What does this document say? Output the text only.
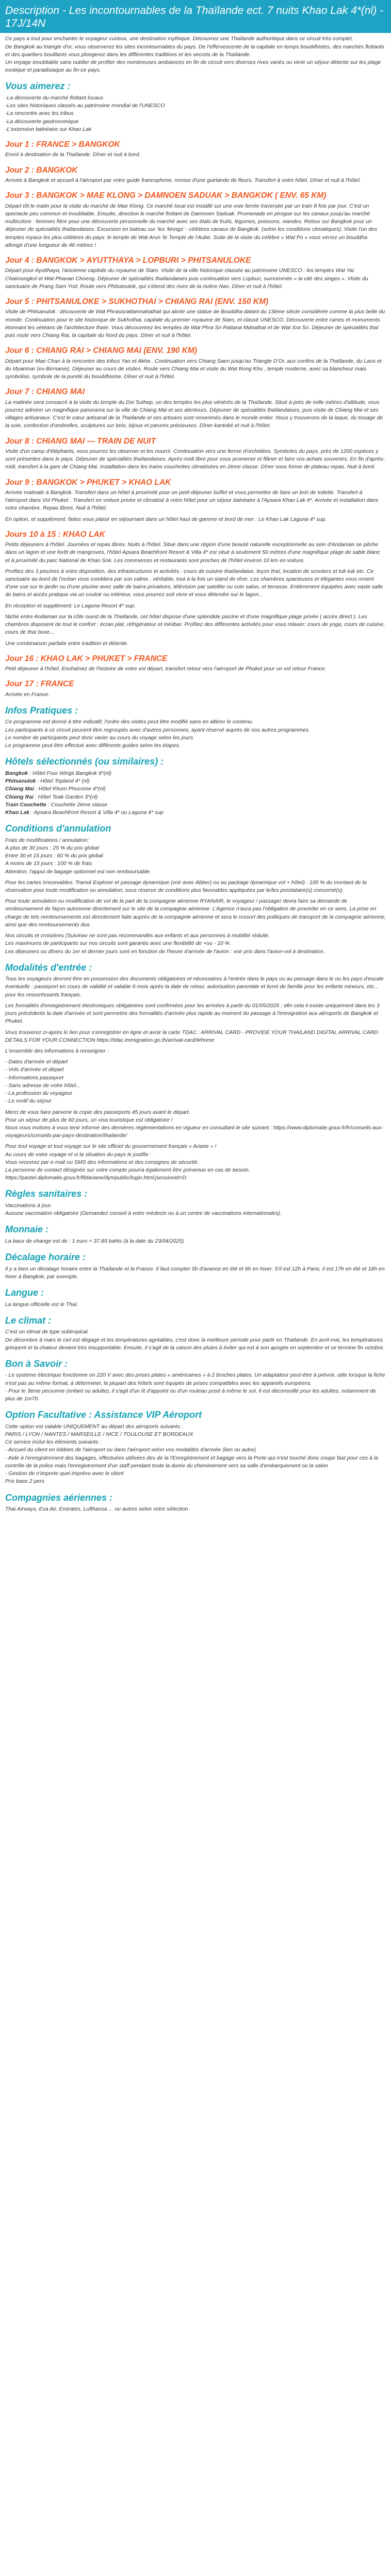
Description - Les incontournables de la Thaïlande ect. 7 nuits Khao Lak 4*(nl) - 17J/14N

Ce pays a tout pour enchanter le voyageur curieux, une destination mythique. Découvrez une Thaïlande authentique dans ce circuit très complet.

De Bangkok au triangle d'or, vous observerez les sites incontournables du pays. De l'effervescente de la capitale en temps bouddhistes, des marchés flottants et des quartiers bouillants vous plongerez dans les différentes traditions et les secrets de la Thaïlande.

Un voyage inoubliable sans oublier de profiter des nombreuses ambiances en fin de circuit vers diverses rives variés ou venir un séjour détente sur les plage exotique et paradisiaque au fin-ce pays.

Vous aimerez :

-La découverte du marché flottant locaux

-Les sites historiques classés au patrimoine mondial de l'UNESCO

-La rencontre avec les tribus

-La découverte gastronomique

-L'extension balnéaire sur Khao Lak

Jour 1 : FRANCE > BANGKOK

Envol à destination de la Thaïlande. Dîner et nuit à bord.

Jour 2 : BANGKOK

Arrivée à Bangkok et accueil à l'aéroport par votre guide francophone, remise d'une guirlande de fleurs. Transfert à votre hôtel. Dîner et nuit à l'hôtel.

Jour 3 : BANGKOK > MAE KLONG > DAMNOEN SADUAK > BANGKOK ( ENV. 65 KM)

Départ tôt le matin pour la visite du marché de Mae Klong. Ce marché local est installé sur une voie ferrée traversée par un train 8 fois par jour. C'est un spectacle peu commun et inoubliable. Ensuite, direction le marché flottant de Damnoen Saduak. Promenade en pirogue sur les canaux jusqu'au marché multicolore : femmes fière pour une découverte personnelle du marché avec ses étals de fruits, légumes, poissons, viandes. Retour sur Bangkok pour un déjeuner de spécialités thaïlandaises. Excursion en bateau sur 'les 'klongs' - célèbres canaux de Bangkok. (selon les conditions climatiques). Visite l'un des temples royaux les plus célèbres du pays: le temple de Wat Arun 'le Temple de l'Aube. Suite de la visite du célèbre « Wat Po » vous verrez un bouddha allongé d'une longueur de 46 mètres !

Jour 4 : BANGKOK > AYUTTHAYA > LOPBURI > PHITSANULOKE

Départ pour Ayutthaya, l'ancienne capitale du royaume de Siam. Visite de la ville historique classée au patrimoine UNESCO : les temples Wat Yai Chaimongkol et Wat Phanan Choeng. Déjeuner de spécialités thaïlandaises puis continuation vers Lopburi, surnommée « la cité des singes ». Visite du sanctuaire de Prang Sam Yod. Route vers Phitsanulok, qui s'étend des rives de la rivière Nan. Dîner et nuit à l'hôtel.

Jour 5 : PHITSANULOKE > SUKHOTHAI > CHIANG RAI (ENV. 150 KM)

Visite de Phitsanulok : découverte de Wat Phrasisrattanmahathat qui abrite une statue de Bouddha datant du 13ème siècle considérée comme la plus belle du monde. Continuation pour le site historique de Sukhothai, capitale du premier royaume de Siam, et classé UNESCO. Découverte entre ruines et monuments étonnant les vétéans de l'architecture thaïe. Vous découvrirez les temples de Wat Phra Sri Rattana Mahathat et de Wat Sra Sri. Déjeuner de spécialités thaï puis route vers Chiang Rai, la capitale du Nord du pays. Dîner et nuit à l'hôtel.

Jour 6 : CHIANG RAI > CHIANG MAI (ENV. 190 KM)

Départ pour Mae Chan à la rencontre des tribus Yao et Akha . Continuation vers Chiang Saen jusqu'au Triangle D'Or, aux confins de la Thaïlande, du Laos et du Myanmar (ex-Birmanie). Déjeuner au cours de visites. Route vers Chiang Mai et visite du Wat Rong Khu , temple moderne, avec sa blancheur mais symbolise, symbole de la pureté du bouddhisme. Dîner et nuit à l'hôtel.

Jour 7 : CHIANG MAI

La matinée sera consacré à la visite du temple du Doi Suthep, un des temples les plus vénérés de la Thaïlande. Situé à près de mille mètres d'altitude, vous pourrez admirer un magnifique panorama sur la ville de Chiang Mai et ses alentours. Déjeuner de spécialités thaïlandaises, puis visite de Chiang Mai et ses villages artisanaux. C'est le cœur artisanal de la Thaïlande et ses artisans sont renommés dans le monde entier. Nous y trouverons de la laque, du tissage de la soie, confection d'ombrelles, sculptures sur bois, bijoux et parures précieuses. Dîner kantoké et nuit à l'hôtel.

Jour 8 : CHIANG MAI — TRAIN DE NUIT

Visite d'un camp d'éléphants, vous pourrez les observer et les nourrir. Continuation vers une ferme d'orchidées. Symboles du pays, près de 1200 espèces y sont présentes dans le pays. Déjeuner de spécialités thaïlandaises. Après-midi libre pour vous promener et flâner et faire vos achats souvenirs. En fin d'après-midi, transfert à la gare de Chiang Mai. Installation dans les trains couchettes climatisées en 2ème classe. Dîner sous forme de plateau repas. Nuit à bord.

Jour 9 : BANGKOK > PHUKET > KHAO LAK

Arrivée matinale à Bangkok. Transfert dans un hôtel à proximité pour un petit-déjeuner buffet et vous permettre de faire un brin de toilette. Transfert à l'aéroport dans Vol Phuket . Transfert en voiture privée et climatisé à votre hôtel pour un séjour balnéaire à l'Apsara Khao Lak 4*. Arrivée et installation dans votre chambre. Repas libres. Nuit à l'hôtel.

En option, et supplément: faites vous plaisir en séjournant dans un hôtel haut de gamme et bord de mer : Le Khao Lak Laguna 4* sup.

Jours 10 à 15 : KHAO LAK

Petits déjeuners à l'hôtel. Journées et repas libres. Nuits à l'hôtel. Situé dans une région d'une beauté naturelle exceptionnelle au sein d'Andaman se pêche dans un lagon et une forêt de mangroves, l'hôtel Apsara Beachfront Resort & Villa 4* est situé à seulement 50 mètres d'une magnifique plage de sable blanc et à proximité du parc National de Khao Sok. Les commerces et restaurants sont proches de l'hôtel environ 10 km en voiture.

Profitez des 3 piscines à votre disposition, des infrastructures et activités : cours de cuisine thaïlandaise, leçon thaï, location de scooters et tuk-tuk etc. Ce sanctuaire au bord de l'océan vous comblera par son calme , véritable, tout à la fois un stand de rêve. Les chambres spacieuses et élégantes vous ornent d'une vue sur le jardin ou d'une piscine avec salle de bains privatives, télévision par satellite ou coin salon, et terrasse. Entièrement équipées avec vaste salle de bains et accès pratique via un couloir ou intérieur, vous pourrez soit vivre et vous détendre sur le lagon...

En réception et supplément: Le Laguna Resort 4* sup.

Niché entre Andaman sur la côte ouest de la Thaïlande, cet hôtel dispose d'une splendide piscine et d'une magnifique plage privée ( accès direct ). Les chambres disposent de tout le confort : écran plat, réfrigérateur et minibar. Profitez des différentes activités pour vous relaxer: cours de yoga, cours de cuisine, cours de thaï boxe...

Une combinaison parfaite entre tradition et détente.

Jour 16 : KHAO LAK > PHUKET > FRANCE

Petit déjeuner à l'hôtel. Enchaînez de l'histoire de votre vol départ, transfert retour vers l'aéroport de Phuket pour un vol retour France.

Jour 17 : FRANCE

Arrivée en France.

Infos Pratiques :

Ce programme est donné à titre indicatif, l'ordre des visites peut être modifié sans en altérer le contenu.

Les participants à ce circuit peuvent être regroupés avec d'autres personnes, ayant réservé auprès de nos autres programmes.

Le nombre de participants peut donc varier au cours du voyage selon les jours.

Le programme peut être effectué avec différents guides selon les étapes.

Hôtels sélectionnés (ou similaires) :

Bangkok : Hôtel Four Wings Bangkok 4*(nl)

Phitsanulok : Hôtel Topland 4* (nl)

Chiang Mai : Hôtel Khum Phucome 4*(nl)

Chiang Rai : Hôtel Teak Garden 3*(nl)

Train Couchette : Couchette 2ème classe

Khao Lak : Apsara Beachfront Resort & Villa 4* ou Laguna 4* sup

Conditions d'annulation

Frais de modifications / annulation:

A plus de 30 jours : 25 % du prix global

Entre 30 et 15 jours : 60 % du prix global

A moins de 15 jours : 100 % de frais

Attention, l'appui de bagage optionnel est non remboursable.

Pour les cartes Irrecevables: Transit Explorer et passage dynamique (voir avec Abber) ou au package dynamique vol + hôtel) : 100 % du montant de la réservation pour toute modification ou annulation, sous réserve de conditions plus favorables appliquées par le/les prestataire(s) concerné(s).

Pour toute annulation ou modification de vol de la part de la compagnie aérienne RYANAIR, le voyageur / passager devra faire sa demande de remboursement de façon autonome directement sur le site de la compagnie aérienne. L'Agence n'aura pas l'obligation de procéder en ce sens. La prise en charge de tels remboursements est directement faite auprès de la compagnie aérienne et sera le ressort des politiques de transport de la compagnie aérienne, ainsi que des remboursements dus.

Nos circuits et croisières (Suivinav ne sont pas recommandés aux enfants et aux personnes à mobilité réduite.

Les maximums de participants sur nos circuits sont garantis avec une flexibilité de +ou - 10 %.

Les déjeuners ou dîners du 1er et dernier jours sont en fonction de l'heure d'arrivée de l'avion : voir prix dans l'avion-vol à destination.

Modalités d'entrée :

Tous les voyageurs devront être en possession des documents obligatoires et nécessaires à l'entrée dans le pays ou au passage dans le ou les pays d'escale éventuelle : passeport en cours de validité et valable 6 mois après la date de retour, autorisation parentale et livret de famille pour les enfants mineurs, etc... pour les ressortissants français.

Les formalités d'enregistrement électroniques obligatoires sont confirmées pour les arrivées à partir du 01/05/2025 ; afin cela il existe uniquement dans les 3 jours précédents la date d'arrivée et sont permettre des formalités d'arrivée plus rapide au moment du passage à l'immigration aux aéroports de Bangkok et Phuket.

Vous trouverez ci-après le lien pour s'enregistrer en ligne et avoir la carte TDAC : ARRIVAL CARD - PROVIDE YOUR THAILAND DIGITAL ARRIVAL CARD DETAILS FOR YOUR CONNECTION https://tdac.immigration.go.th/arrival-card/#/home

L'ensemble des informations à renseigner :

- Dates d'arrivée et départ

- Vols d'arrivée et départ

- Informations passeport

- Sans adresse de votre hôtel...

- La profession du voyageur

- Le motif du séjour

Merci de vous faire parvenir la copie des passeports 45 jours avant le départ.

Pour un séjour de plus de 60 jours, un visa touristique est obligatoire !

Nous vous invitons à vous tenir informé des dernières réglementations en vigueur en consultant le site suivant : https://www.diplomatie.gouv.fr/fr/conseils-aux-voyageurs/conseils-par-pays-destination/thailande/

Pour tout voyage et tout voyage sur le site officiel du gouvernement français « Ariane » !

Au cours de votre voyage et si la situation du pays le justifie :

Vous recevrez par e-mail ou SMS des informations et des consignes de sécurité.

La personne de contact désignée sur votre compte pourra également être prévenue en cas de besoin.

https://pastel.diplomatie.gouv.fr/fildariane/dyn/public/login.html;jsessionid=D

Règles sanitaires :

Vaccinations à jour.

Aucune vaccination obligatoire (Demandez conseil à votre médecin ou à un centre de vaccinations internationales).

Monnaie :

La baux de change est de : 1 euro = 37.89 bahts (à la date du 23/04/2025)

Décalage horaire :

Il y a bien un décalage horaire entre la Thaïlande et la France. Il faut compter 5h d'avance en été et 6h en hiver. S'il est 12h à Paris, il est 17h en été et 18h en hiver à Bangkok, par exemple.

Langue :

La langue officielle est le Thaï.

Le climat :

C'est un climat de type subtropical.

De décembre à mars le ciel est dégagé et les températures agréables, c'est donc la meilleure période pour partir en Thaïlande. En avril-mai, les températures grimpent et la chaleur devient très insupportable. Ensuite, il s'agit de la saison des pluies à éviter qui est à son apogée en septembre et se termine fin octobre.

Bon à Savoir :

- Le système électrique fonctionne en 220 V avec des prises plates « américaines » à 2 broches plates. Un adaptateur peut-être à prévoir, utile lorsque la fiche n'est pas au même format, à déterminer, la plupart des hôtels sont équipés de prises compatibles avec les appareils européens.

- Pour le 3ème personne (enfant ou adulte), il s'agit d'un lit d'appoint ou d'un rouleau posé à même le sol. Il est déconseillé pour les adultes, notamment de plus de 1m70.

Option Facultative : Assistance VIP Aéroport

Cette option est valable UNIQUEMENT au départ des aéroports suivants :

PARIS / LYON / NANTES / MARSEILLE / NICE / TOULOUSE ET BORDEAUX

Ce service inclut les éléments suivants :

- Accueil du client en lobbies de l'aéroport ou dans l'aéroport selon vos modalités d'arrivée (lien ou autre)

- Aide à l'enregistrement des bagages, effectuées utilisées des de la l'Enregistrement et bagage vers la Porte qui n'est touché donc coupe fast pour ces à la contrôle de la police mais l'enregistrement d'un staff pendant toute la durée du cheminement vers sa salle d'embarquement ou la salon

- Gestion de n'importe quel imprévu avec le client

Prix base 2 pers

Compagnies aériennes :

Thai Airways, Eva Air, Emirates, Lufthansa ... ou autres selon votre sélection
